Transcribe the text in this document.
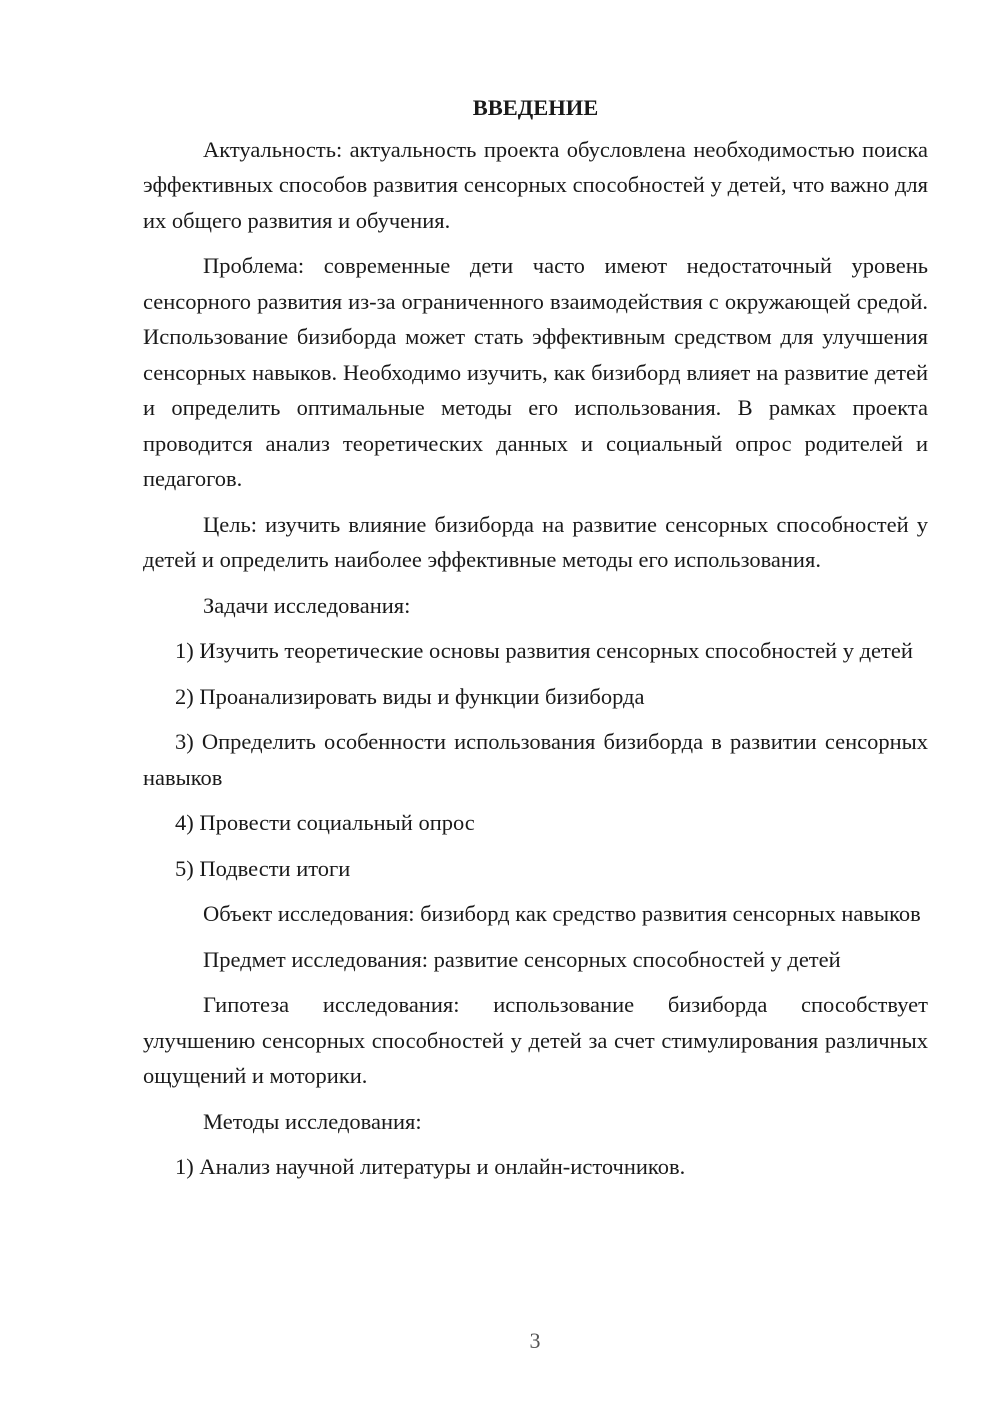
ВВЕДЕНИЕ

Актуальность: актуальность проекта обусловлена необходимостью поиска эффективных способов развития сенсорных способностей у детей, что важно для их общего развития и обучения.

Проблема: современные дети часто имеют недостаточный уровень сенсорного развития из-за ограниченного взаимодействия с окружающей средой. Использование бизиборда может стать эффективным средством для улучшения сенсорных навыков. Необходимо изучить, как бизиборд влияет на развитие детей и определить оптимальные методы его использования. В рамках проекта проводится анализ теоретических данных и социальный опрос родителей и педагогов.

Цель: изучить влияние бизиборда на развитие сенсорных способностей у детей и определить наиболее эффективные методы его использования.

Задачи исследования:

1) Изучить теоретические основы развития сенсорных способностей у детей

2) Проанализировать виды и функции бизиборда

3) Определить особенности использования бизиборда в развитии сенсорных навыков

4) Провести социальный опрос

5) Подвести итоги

Объект исследования: бизиборд как средство развития сенсорных навыков

Предмет исследования: развитие сенсорных способностей у детей

Гипотеза исследования: использование бизиборда способствует улучшению сенсорных способностей у детей за счет стимулирования различных ощущений и моторики.

Методы исследования:

1) Анализ научной литературы и онлайн-источников.

3
